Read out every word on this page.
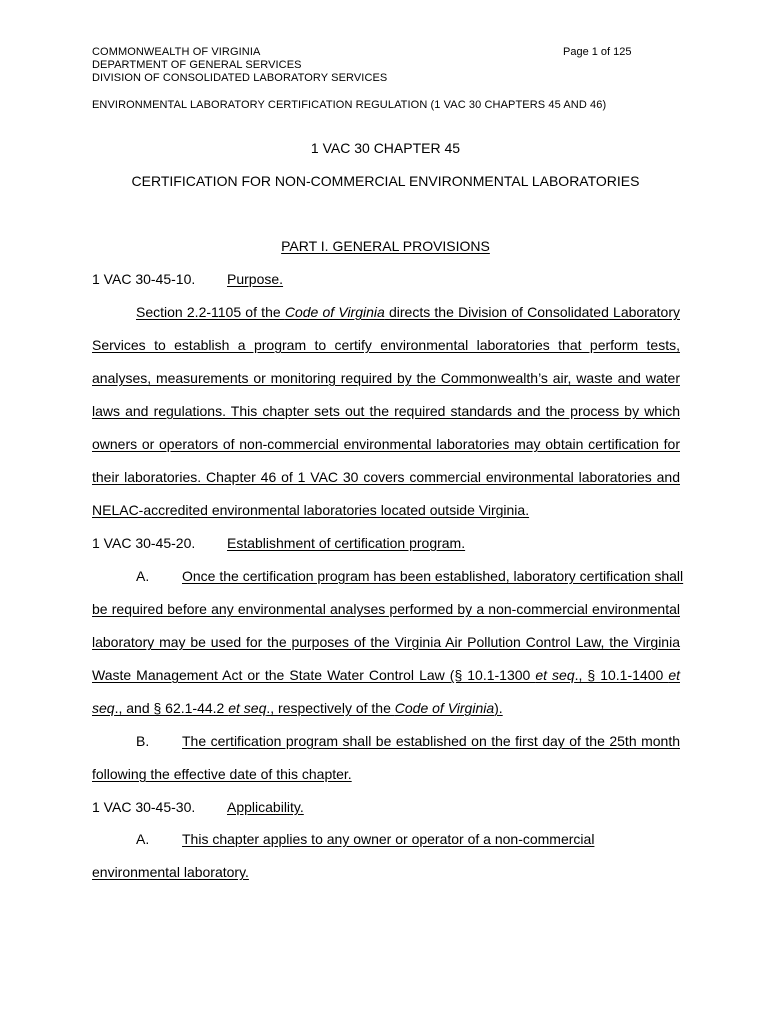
COMMONWEALTH OF VIRGINIA
DEPARTMENT OF GENERAL SERVICES
DIVISION OF CONSOLIDATED LABORATORY SERVICES
Page 1 of 125
ENVIRONMENTAL LABORATORY CERTIFICATION REGULATION (1 VAC 30 CHAPTERS 45 AND 46)
1 VAC 30 CHAPTER 45
CERTIFICATION FOR NON-COMMERCIAL ENVIRONMENTAL LABORATORIES
PART I. GENERAL PROVISIONS
1 VAC 30-45-10. Purpose.
Section 2.2-1105 of the Code of Virginia directs the Division of Consolidated Laboratory
Services to establish a program to certify environmental laboratories that perform tests,
analyses, measurements or monitoring required by the Commonwealth’s air, waste and water
laws and regulations. This chapter sets out the required standards and the process by which
owners or operators of non-commercial environmental laboratories may obtain certification for
their laboratories. Chapter 46 of 1 VAC 30 covers commercial environmental laboratories and
NELAC-accredited environmental laboratories located outside Virginia.
1 VAC 30-45-20. Establishment of certification program.
A. Once the certification program has been established, laboratory certification shall
be required before any environmental analyses performed by a non-commercial environmental
laboratory may be used for the purposes of the Virginia Air Pollution Control Law, the Virginia
Waste Management Act or the State Water Control Law (§ 10.1-1300 et seq., § 10.1-1400 et
seq., and § 62.1-44.2 et seq., respectively of the Code of Virginia).
B. The certification program shall be established on the first day of the 25th month
following the effective date of this chapter.
1 VAC 30-45-30. Applicability.
A. This chapter applies to any owner or operator of a non-commercial
environmental laboratory.
